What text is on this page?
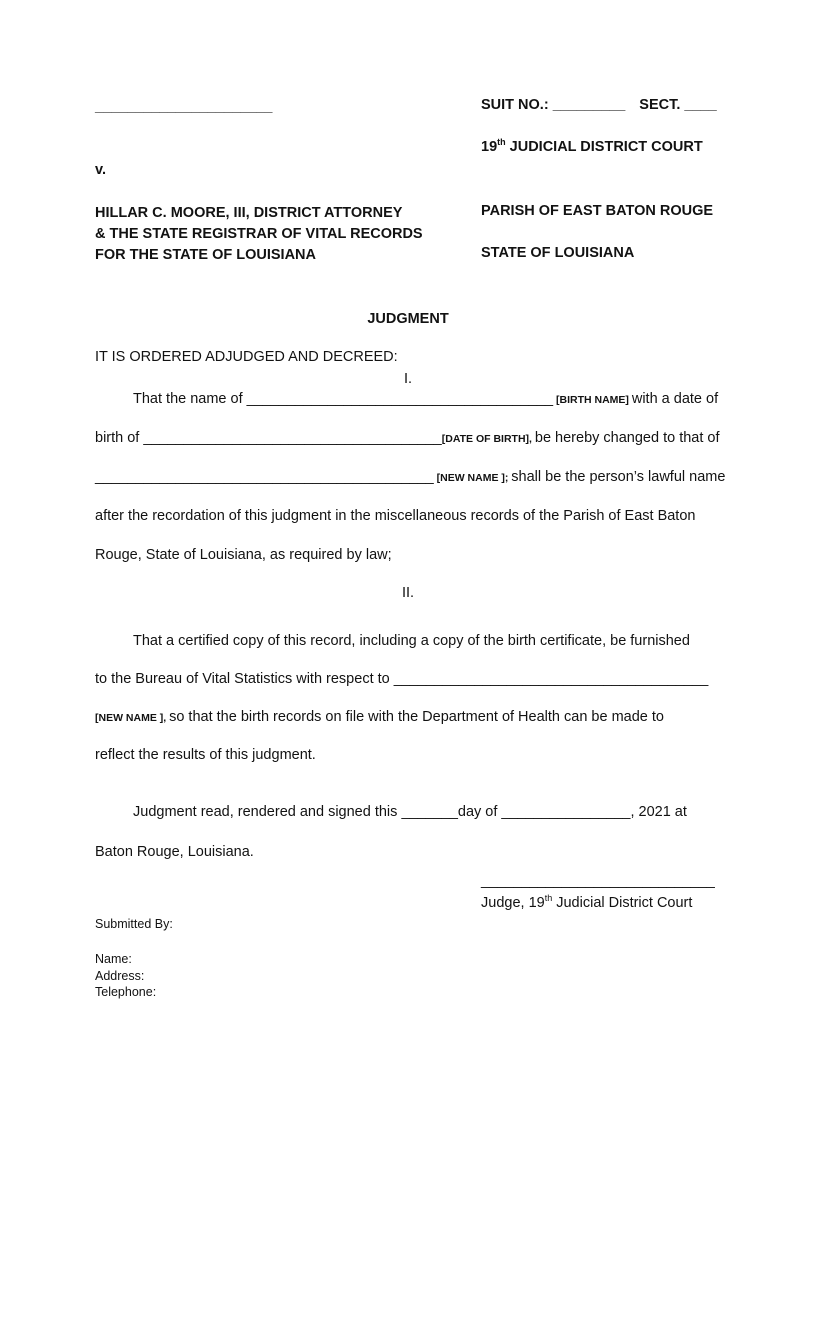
______________________	SUIT NO.: _________ SECT. ____
19th JUDICIAL DISTRICT COURT
v.
HILLAR C. MOORE, III, DISTRICT ATTORNEY
& THE STATE REGISTRAR OF VITAL RECORDS
FOR THE STATE OF LOUISIANA
PARISH OF EAST BATON ROUGE
STATE OF LOUISIANA
JUDGMENT
IT IS ORDERED ADJUDGED AND DECREED:
I.
That the name of ______________________________________ [BIRTH NAME] with a date of
birth of _____________________________________[DATE OF BIRTH], be hereby changed to that of
__________________________________________ [NEW NAME ]; shall be the person’s lawful name
after the recordation of this judgment in the miscellaneous records of the Parish of East Baton
Rouge, State of Louisiana, as required by law;
II.
That a certified copy of this record, including a copy of the birth certificate, be furnished
to the Bureau of Vital Statistics with respect to _______________________________________
[NEW NAME ], so that the birth records on file with the Department of Health can be made to
reflect the results of this judgment.
Judgment read, rendered and signed this _______day of ________________, 2021 at
Baton Rouge, Louisiana.
_____________________________
Judge, 19th Judicial District Court
Submitted By:
Name:
Address:
Telephone:
